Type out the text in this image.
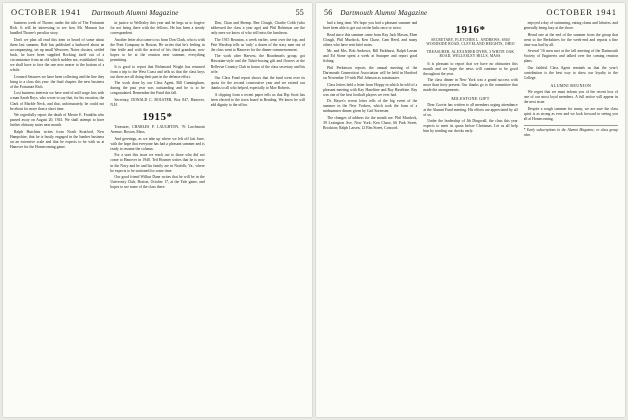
OCTOBER 1941 Dartmouth Alumni Magazine	55

business week of Thorne, under the title of The Fortunate Rich. It will be interesting to see how Mr. Manson has handled Thorne's peculiar story.

Don't we plan all read this item or heard of some about them last summer, Bob has published a harbored about an accompanying, set up small Westover, Notes clusters, settled back, he have been supplied Rocking itself out of a circumstance from an old which sudden not, established fact, we shall have to face the one new nearer to the bottom of a whole.

Leonard Seizures we have been collecting and the line they bring to a class this year: the final chapter, the new business of the Fortunate Rich.

Lost business interests we have read of mill wage loss with a man Sarah Roys, who wrote to say that, for his vacation, the Clark of Marble Neck, and that, unfortunately, he could not be about for more than a short time.

We regretfully report the death of Merrie E. Franklin who passed away on August 20, 1941. We shall attempt to have further obituary notes next month.

Ralph Hutchins writes from North Stratford, New Hampshire, that he is busily engaged in the lumber business on an extensive scale and that he expects to be with us at Hanover for the Homecoming game.

in justice to Wellesley this year and he begs us to forgive for not being there with the fellows. He has been a steady correspondent.

Another letter also came to us from Don Clark, who is with the Pratt Company in Boston. He writes that he's feeling in fine fettle and with the arrival of his third grandson, now hopes to be at the reunion next summer, everything permitting.

It is good to report that Richmond Wright has returned from a trip to the West Coast and tells us that the class boys out there are all doing their part in the defense effort.

The work done by our Class Agent, Bill Cunningham, during the past year was outstanding and he is to be congratulated. Remember the Fund this fall.

Secretary, DONALD C. BOLSTER, Box 847, Hanover, N.H.

1915*

Treasurer, CHARLES P. LAUGHTON, 76 Larchmont Avenue, Boston, Mass.

And greetings, as we take up where we left off last June, with the hope that everyone has had a pleasant summer and is ready to resume the column.

For a start this issue we reach out to those who did not come to Hanover in 1940. Ted Hosmer writes that he is now in the Navy and he and his family are in Norfolk, Va., where he expects to be stationed for some time.

Our good friend Wilbur Dane writes that he will be in the University Club, Boston, October 17, at the Yale game, and hopes to see some of the class there.

Don, Chan and Shemp. Ben Clough, Charlie Cobb (who addressed the class a year ago) and Phil Robinson are the only ones we know of who will miss the luncheon.

The 1915 Reunion, a week earlier, went over the top, and Pete Wardrop tells us 'only' a dozen of the sixty men out of the class went to Hanover for the dinner-commencement.

The work after Harvest, the Boardman's group, got Hawaiian-style and the Tahiti-boxing gift and flowers at the Bellevue Country Club in honor of the class secretary and his wife.

Our Class Fund report shows that the fund went over its quota for the second consecutive year and we extend our thanks to all who helped, especially to Moe Roberts.

A clipping from a recent paper tells us that Rip Scott has been elected to the town board in Reading. We know he will add dignity to the office.

56 Dartmouth Alumni Magazine	OCTOBER 1941

had a long time. We hope you had a pleasant summer and have been able to get out on the links once or twice.

Read since this summer came from Ray Jack Mason, Eben Clough, Phil Murdock, Ken Chase, Cam Reed, and many others who have sent brief notes.

Mr. and Mrs. Bob Andrews, Bill Parkhurst, Ralph Larsen and Ed Stone spent a week at Sunapee and report good fishing.

Phil Perkinson reports the annual meeting of the Dartmouth Connecticut Association will be held in Hartford on November 19 with Phil Johnson as toastmaster.

Class letters held a letter from Hoppy in which he told of a pleasant meeting with Kay Haseltine and Ray Haseltine. Ray was one of the best football players we ever had.

Dr. Hayes's recent letter tells of the big event of the summer in the New Yorkers, which took the form of a midsummer dinner given by Carl Sorensen.

The changes of address for the month are: Phil Murdock, 39 Lexington Ave, New York; Ken Chase, 66 Park Street, Brockton; Ralph Larsen, 12 Elm Street, Concord.

1916*
SECRETARY, FLETCHER L. ANDREWS, 6940 WOODSIDE ROAD, CLEVELAND HEIGHTS, OHIO
TREASURER, ALEXANDER DYER, 3 WHITE OAK ROAD, WELLESLEY HILLS, MASS.

It is pleasant to report that we have no obituaries this month and we hope the news will continue to be good throughout the year.

The class dinner in New York was a grand success with more than forty present. Our thanks go to the committee that made the arrangements.

MILESTONE GIFT

Dear Grovie has written to all members urging attendance at the Alumni Fund meeting. His efforts are appreciated by all of us.

Under the leadership of Jib Dingwall, the class this year expects to meet its quota before Christmas. Let us all help him by sending our checks early.

enjoyed a day of swimming, eating clams and lobsters, and generally being lazy at the shore.

Heard one at the end of the summer from the group that went to the Berkshires for the week-end and reports a fine time was had by all.

Several '16 men met at the fall meeting of the Dartmouth Society of Engineers and talked over the coming reunion plans.

Our faithful Class Agent reminds us that the year's contribution is the best way to show our loyalty to the College.

ALUMNI REUNION

We regret that we must inform you of the recent loss of one of our most loyal members. A full notice will appear in the next issue.

Despite a rough summer for many, we are sure the class spirit is as strong as ever and we look forward to seeing you all at Homecoming.

* Early subscriptions in the Alumni Magazine, or class group plan.
